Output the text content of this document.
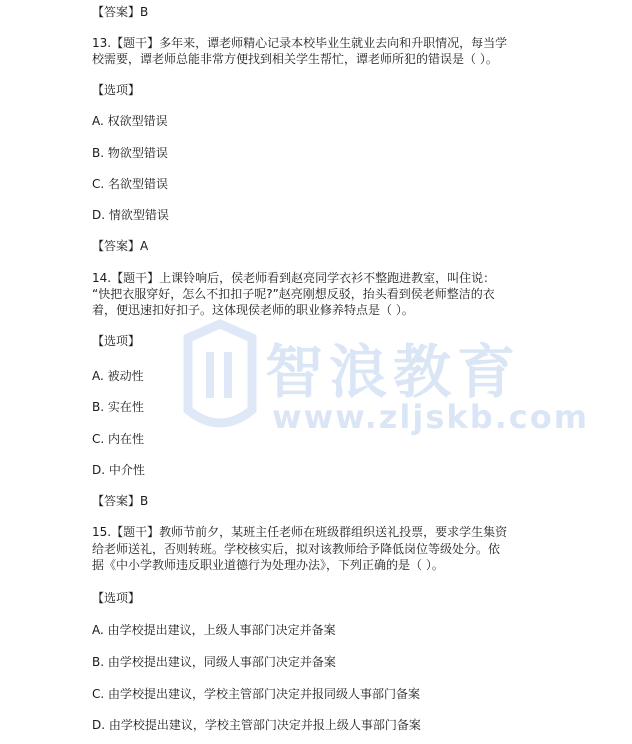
智浪教育
www.zljskb.com
【答案】B
13.【题干】多年来，谭老师精心记录本校毕业生就业去向和升职情况，每当学
校需要，谭老师总能非常方便找到相关学生帮忙，谭老师所犯的错误是（ ）。
【选项】
A. 权欲型错误
B. 物欲型错误
C. 名欲型错误
D. 情欲型错误
【答案】A
14.【题干】上课铃响后，侯老师看到赵亮同学衣衫不整跑进教室，叫住说：
“快把衣服穿好，怎么不扣扣子呢?”赵亮刚想反驳，抬头看到侯老师整洁的衣
着，便迅速扣好扣子。这体现侯老师的职业修养特点是（ ）。
【选项】
A. 被动性
B. 实在性
C. 内在性
D. 中介性
【答案】B
15.【题干】教师节前夕，某班主任老师在班级群组织送礼投票，要求学生集资
给老师送礼，否则转班。学校核实后，拟对该教师给予降低岗位等级处分。依
据《中小学教师违反职业道德行为处理办法》，下列正确的是（ ）。
【选项】
A. 由学校提出建议，上级人事部门决定并备案
B. 由学校提出建议，同级人事部门决定并备案
C. 由学校提出建议，学校主管部门决定并报同级人事部门备案
D. 由学校提出建议，学校主管部门决定并报上级人事部门备案
